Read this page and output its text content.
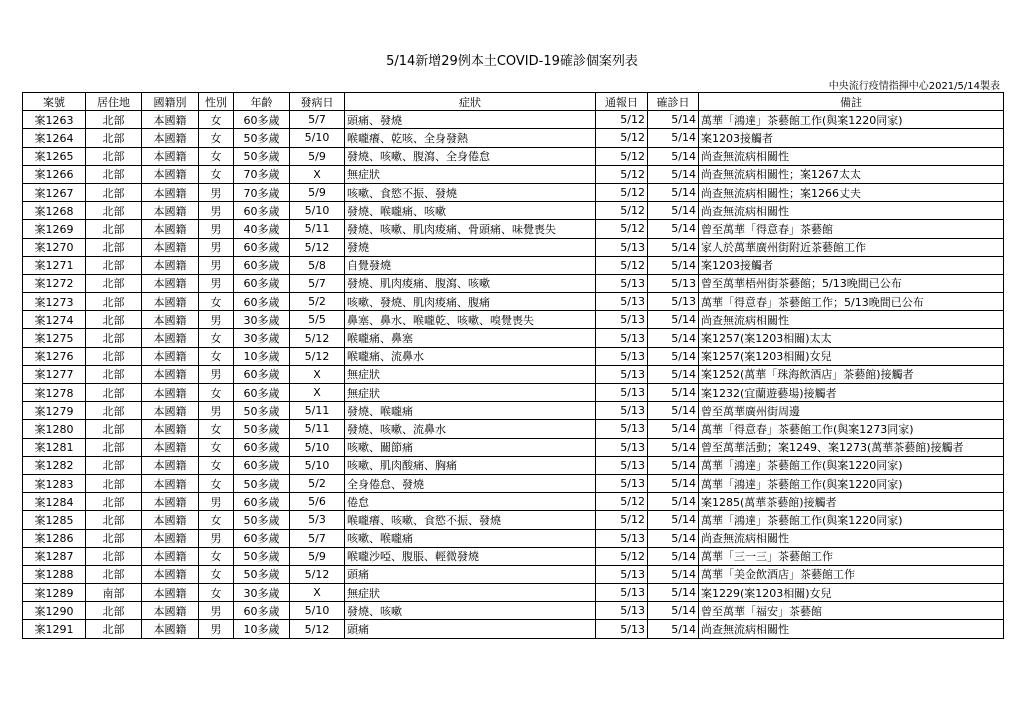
5/14新增29例本土COVID-19確診個案列表
中央流行疫情指揮中心2021/5/14製表
案號	居住地	國籍別	性別	年齡	發病日	症狀	通報日	確診日	備註
案1263	北部	本國籍	女	60多歲	5/7	頭痛、發燒	5/12	5/14	萬華「鴻達」茶藝館工作(與案1220同家)
案1264	北部	本國籍	女	50多歲	5/10	喉嚨癢、乾咳、全身發熱	5/12	5/14	案1203接觸者
案1265	北部	本國籍	女	50多歲	5/9	發燒、咳嗽、腹瀉、全身倦怠	5/12	5/14	尚查無流病相關性
案1266	北部	本國籍	女	70多歲	X	無症狀	5/12	5/14	尚查無流病相關性；案1267太太
案1267	北部	本國籍	男	70多歲	5/9	咳嗽、食慾不振、發燒	5/12	5/14	尚查無流病相關性；案1266丈夫
案1268	北部	本國籍	男	60多歲	5/10	發燒、喉嚨痛、咳嗽	5/12	5/14	尚查無流病相關性
案1269	北部	本國籍	男	40多歲	5/11	發燒、咳嗽、肌肉痠痛、骨頭痛、味覺喪失	5/12	5/14	曾至萬華「得意春」茶藝館
案1270	北部	本國籍	男	60多歲	5/12	發燒	5/13	5/14	家人於萬華廣州街附近茶藝館工作
案1271	北部	本國籍	男	60多歲	5/8	自覺發燒	5/12	5/14	案1203接觸者
案1272	北部	本國籍	男	60多歲	5/7	發燒、肌肉痠痛、腹瀉、咳嗽	5/13	5/13	曾至萬華梧州街茶藝館；5/13晚間已公布
案1273	北部	本國籍	女	60多歲	5/2	咳嗽、發燒、肌肉痠痛、腹痛	5/13	5/13	萬華「得意春」茶藝館工作；5/13晚間已公布
案1274	北部	本國籍	男	30多歲	5/5	鼻塞、鼻水、喉嚨乾、咳嗽、嗅覺喪失	5/13	5/14	尚查無流病相關性
案1275	北部	本國籍	女	30多歲	5/12	喉嚨痛、鼻塞	5/13	5/14	案1257(案1203相關)太太
案1276	北部	本國籍	女	10多歲	5/12	喉嚨痛、流鼻水	5/13	5/14	案1257(案1203相關)女兒
案1277	北部	本國籍	男	60多歲	X	無症狀	5/13	5/14	案1252(萬華「珠海飲酒店」茶藝館)接觸者
案1278	北部	本國籍	女	60多歲	X	無症狀	5/13	5/14	案1232(宜蘭遊藝場)接觸者
案1279	北部	本國籍	男	50多歲	5/11	發燒、喉嚨痛	5/13	5/14	曾至萬華廣州街周邊
案1280	北部	本國籍	女	50多歲	5/11	發燒、咳嗽、流鼻水	5/13	5/14	萬華「得意春」茶藝館工作(與案1273同家)
案1281	北部	本國籍	女	60多歲	5/10	咳嗽、關節痛	5/13	5/14	曾至萬華活動；案1249、案1273(萬華茶藝館)接觸者
案1282	北部	本國籍	女	60多歲	5/10	咳嗽、肌肉酸痛、胸痛	5/13	5/14	萬華「鴻達」茶藝館工作(與案1220同家)
案1283	北部	本國籍	女	50多歲	5/2	全身倦怠、發燒	5/13	5/14	萬華「鴻達」茶藝館工作(與案1220同家)
案1284	北部	本國籍	男	60多歲	5/6	倦怠	5/12	5/14	案1285(萬華茶藝館)接觸者
案1285	北部	本國籍	女	50多歲	5/3	喉嚨癢、咳嗽、食慾不振、發燒	5/12	5/14	萬華「鴻達」茶藝館工作(與案1220同家)
案1286	北部	本國籍	男	60多歲	5/7	咳嗽、喉嚨痛	5/13	5/14	尚查無流病相關性
案1287	北部	本國籍	女	50多歲	5/9	喉嚨沙啞、腹脹、輕微發燒	5/12	5/14	萬華「三一三」茶藝館工作
案1288	北部	本國籍	女	50多歲	5/12	頭痛	5/13	5/14	萬華「美金飲酒店」茶藝館工作
案1289	南部	本國籍	女	30多歲	X	無症狀	5/13	5/14	案1229(案1203相關)女兒
案1290	北部	本國籍	男	60多歲	5/10	發燒、咳嗽	5/13	5/14	曾至萬華「福安」茶藝館
案1291	北部	本國籍	男	10多歲	5/12	頭痛	5/13	5/14	尚查無流病相關性
